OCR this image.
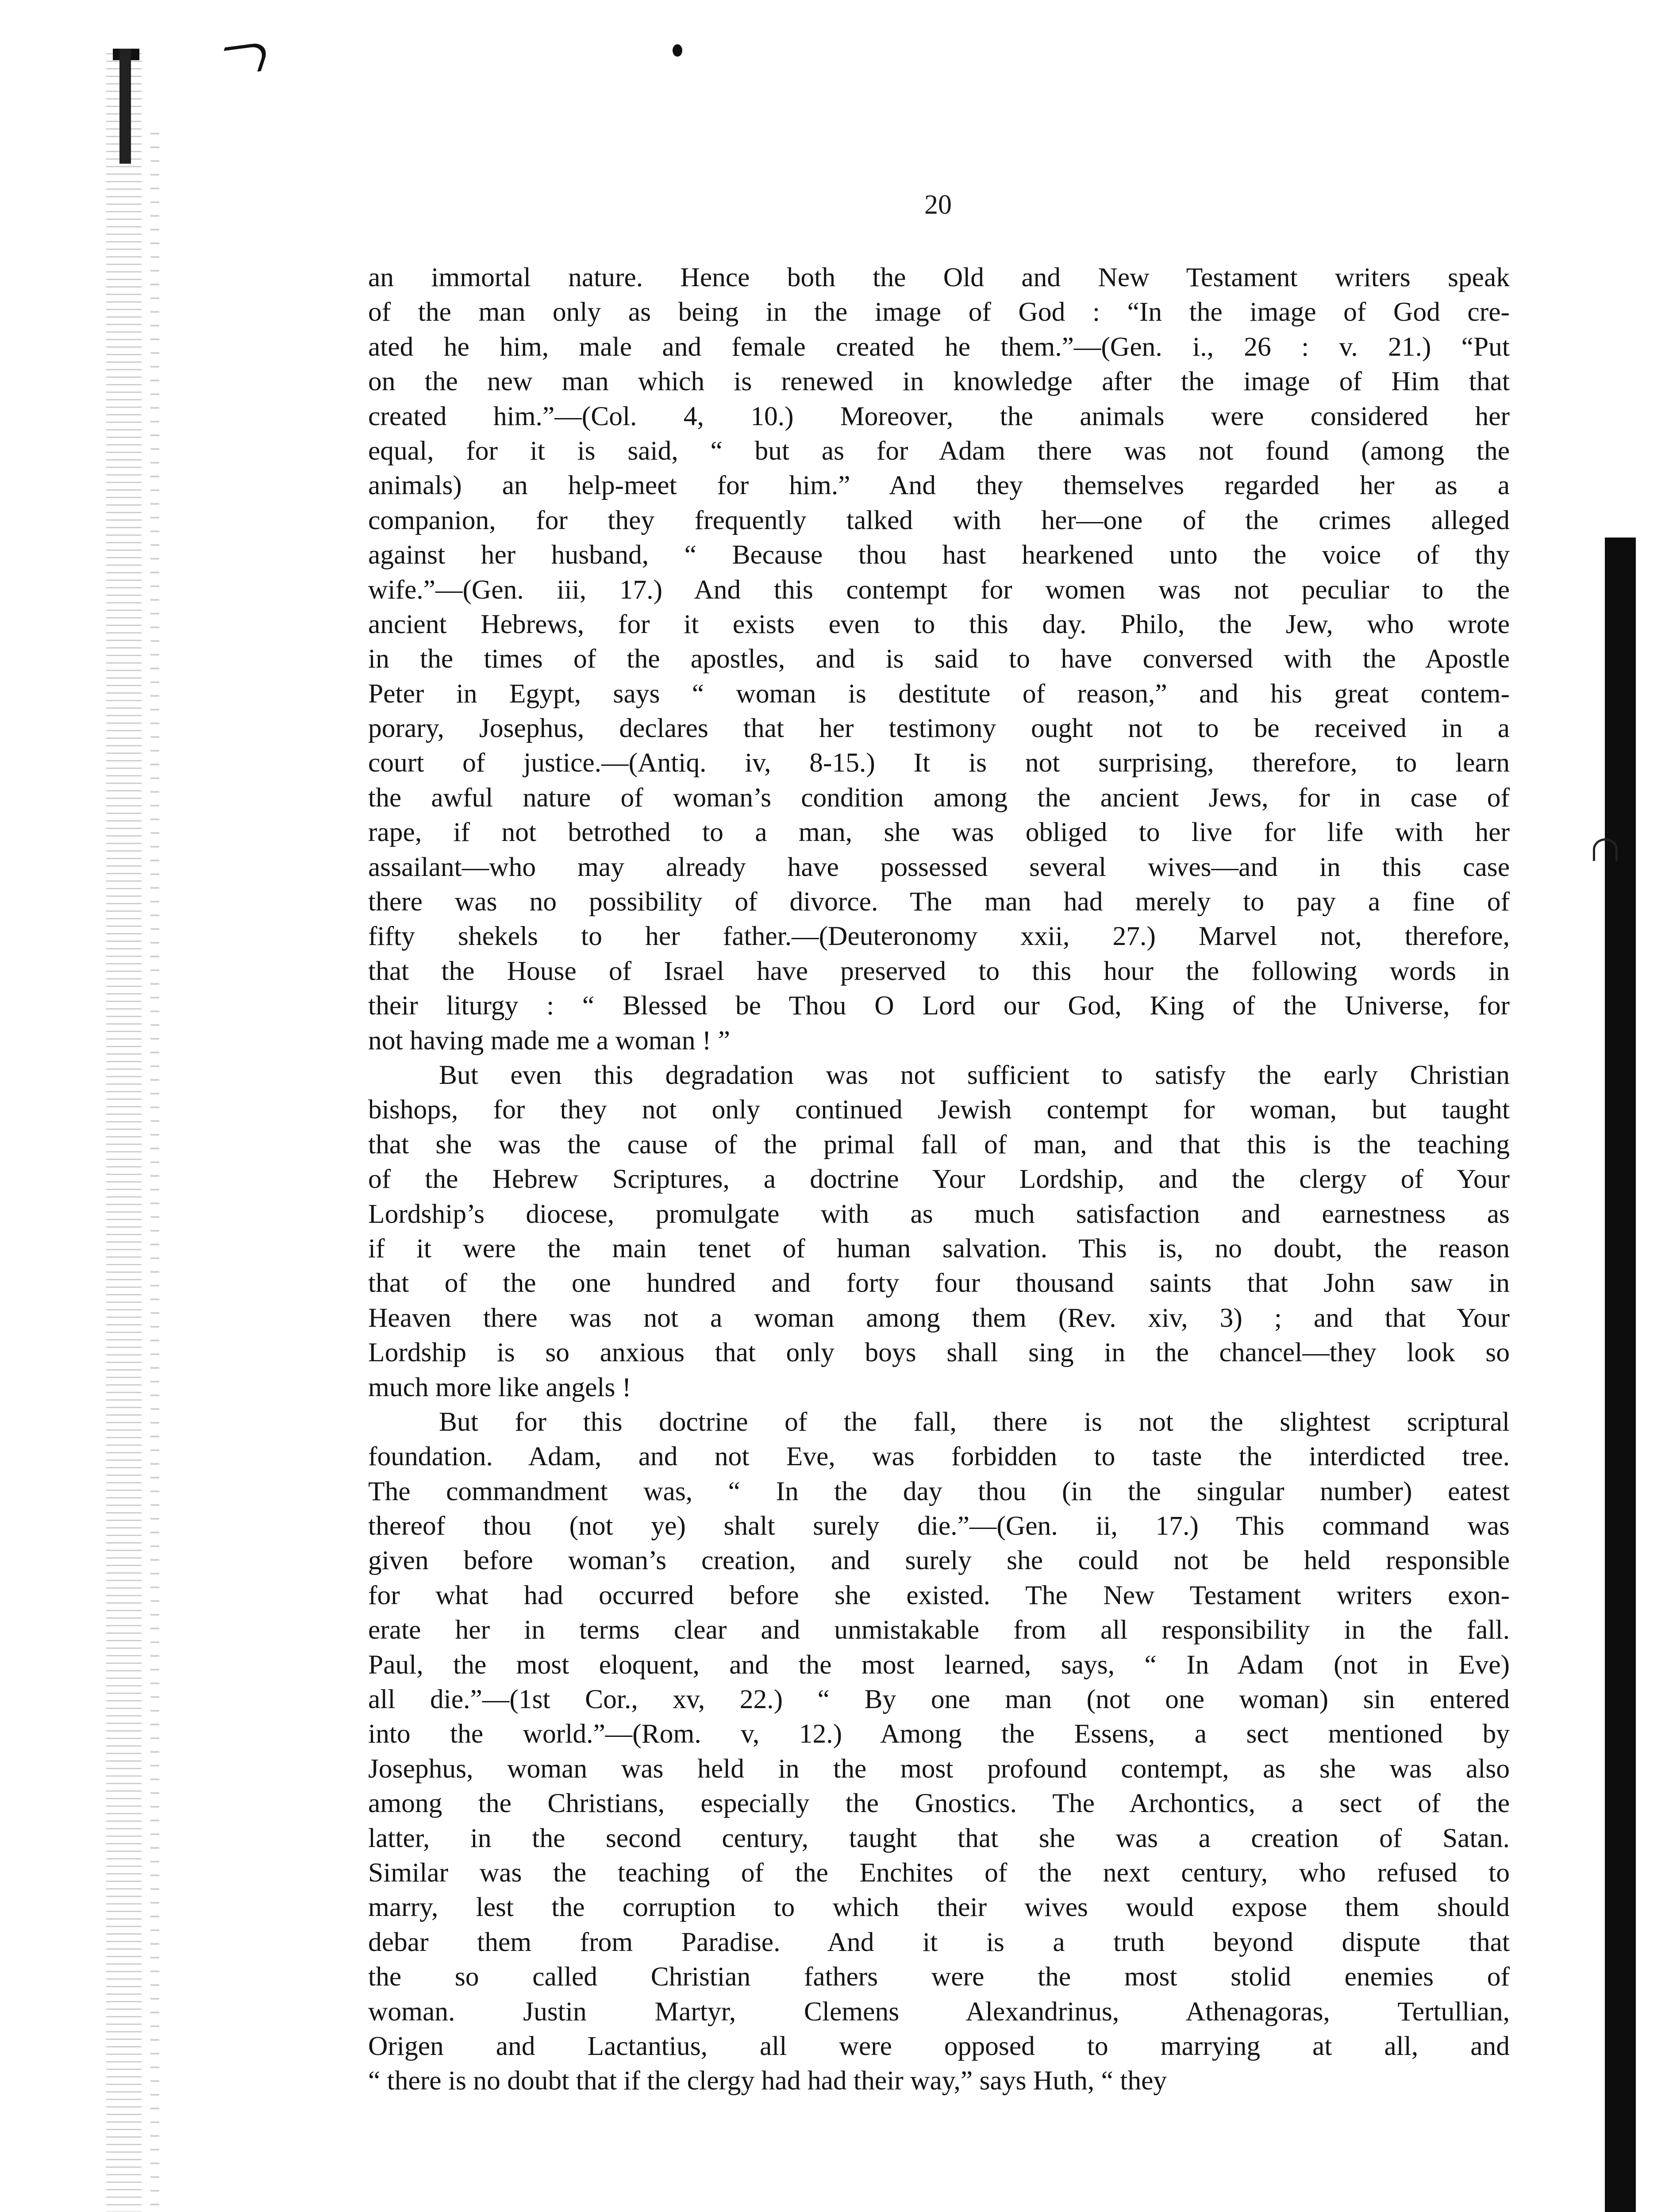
20
an immortal nature. Hence both the Old and New Testament writers speak
of the man only as being in the image of God : “In the image of God cre-
ated he him, male and female created he them.”—(Gen. i., 26 : v. 21.) “Put
on the new man which is renewed in knowledge after the image of Him that
created him.”—(Col. 4, 10.) Moreover, the animals were considered her
equal, for it is said, “ but as for Adam there was not found (among the
animals) an help-meet for him.” And they themselves regarded her as a
companion, for they frequently talked with her—one of the crimes alleged
against her husband, “ Because thou hast hearkened unto the voice of thy
wife.”—(Gen. iii, 17.) And this contempt for women was not peculiar to the
ancient Hebrews, for it exists even to this day. Philo, the Jew, who wrote
in the times of the apostles, and is said to have conversed with the Apostle
Peter in Egypt, says “ woman is destitute of reason,” and his great contem-
porary, Josephus, declares that her testimony ought not to be received in a
court of justice.—(Antiq. iv, 8-15.) It is not surprising, therefore, to learn
the awful nature of woman’s condition among the ancient Jews, for in case of
rape, if not betrothed to a man, she was obliged to live for life with her
assailant—who may already have possessed several wives—and in this case
there was no possibility of divorce. The man had merely to pay a fine of
fifty shekels to her father.—(Deuteronomy xxii, 27.) Marvel not, therefore,
that the House of Israel have preserved to this hour the following words in
their liturgy : “ Blessed be Thou O Lord our God, King of the Universe, for
not having made me a woman ! ”
But even this degradation was not sufficient to satisfy the early Christian
bishops, for they not only continued Jewish contempt for woman, but taught
that she was the cause of the primal fall of man, and that this is the teaching
of the Hebrew Scriptures, a doctrine Your Lordship, and the clergy of Your
Lordship’s diocese, promulgate with as much satisfaction and earnestness as
if it were the main tenet of human salvation. This is, no doubt, the reason
that of the one hundred and forty four thousand saints that John saw in
Heaven there was not a woman among them (Rev. xiv, 3) ; and that Your
Lordship is so anxious that only boys shall sing in the chancel—they look so
much more like angels !
But for this doctrine of the fall, there is not the slightest scriptural
foundation. Adam, and not Eve, was forbidden to taste the interdicted tree.
The commandment was, “ In the day thou (in the singular number) eatest
thereof thou (not ye) shalt surely die.”—(Gen. ii, 17.) This command was
given before woman’s creation, and surely she could not be held responsible
for what had occurred before she existed. The New Testament writers exon-
erate her in terms clear and unmistakable from all responsibility in the fall.
Paul, the most eloquent, and the most learned, says, “ In Adam (not in Eve)
all die.”—(1st Cor., xv, 22.) “ By one man (not one woman) sin entered
into the world.”—(Rom. v, 12.) Among the Essens, a sect mentioned by
Josephus, woman was held in the most profound contempt, as she was also
among the Christians, especially the Gnostics. The Archontics, a sect of the
latter, in the second century, taught that she was a creation of Satan.
Similar was the teaching of the Enchites of the next century, who refused to
marry, lest the corruption to which their wives would expose them should
debar them from Paradise. And it is a truth beyond dispute that
the so called Christian fathers were the most stolid enemies of
woman. Justin Martyr, Clemens Alexandrinus, Athenagoras, Tertullian,
Origen and Lactantius, all were opposed to marrying at all, and
“ there is no doubt that if the clergy had had their way,” says Huth, “ they
